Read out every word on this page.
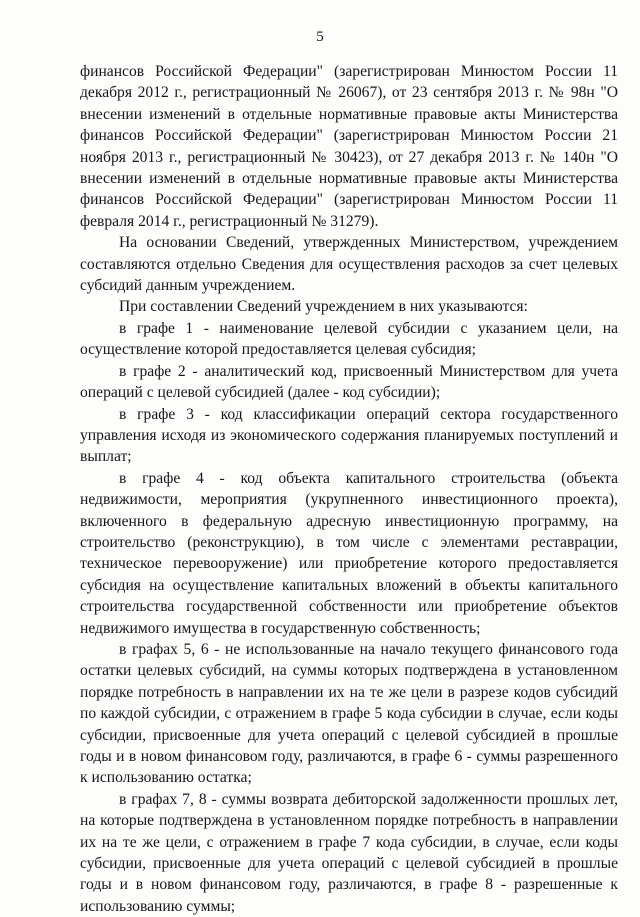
5

финансов Российской Федерации" (зарегистрирован Минюстом России 11 декабря 2012 г., регистрационный № 26067), от 23 сентября 2013 г. № 98н "О внесении изменений в отдельные нормативные правовые акты Министерства финансов Российской Федерации" (зарегистрирован Минюстом России 21 ноября 2013 г., регистрационный № 30423), от 27 декабря 2013 г. № 140н "О внесении изменений в отдельные нормативные правовые акты Министерства финансов Российской Федерации" (зарегистрирован Минюстом России 11 февраля 2014 г., регистрационный № 31279).

На основании Сведений, утвержденных Министерством, учреждением составляются отдельно Сведения для осуществления расходов за счет целевых субсидий данным учреждением.

При составлении Сведений учреждением в них указываются:

в графе 1 - наименование целевой субсидии с указанием цели, на осуществление которой предоставляется целевая субсидия;

в графе 2 - аналитический код, присвоенный Министерством для учета операций с целевой субсидией (далее - код субсидии);

в графе 3 - код классификации операций сектора государственного управления исходя из экономического содержания планируемых поступлений и выплат;

в графе 4 - код объекта капитального строительства (объекта недвижимости, мероприятия (укрупненного инвестиционного проекта), включенного в федеральную адресную инвестиционную программу, на строительство (реконструкцию), в том числе с элементами реставрации, техническое перевооружение) или приобретение которого предоставляется субсидия на осуществление капитальных вложений в объекты капитального строительства государственной собственности или приобретение объектов недвижимого имущества в государственную собственность;

в графах 5, 6 - не использованные на начало текущего финансового года остатки целевых субсидий, на суммы которых подтверждена в установленном порядке потребность в направлении их на те же цели в разрезе кодов субсидий по каждой субсидии, с отражением в графе 5 кода субсидии в случае, если коды субсидии, присвоенные для учета операций с целевой субсидией в прошлые годы и в новом финансовом году, различаются, в графе 6 - суммы разрешенного к использованию остатка;

в графах 7, 8 - суммы возврата дебиторской задолженности прошлых лет, на которые подтверждена в установленном порядке потребность в направлении их на те же цели, с отражением в графе 7 кода субсидии, в случае, если коды субсидии, присвоенные для учета операций с целевой субсидией в прошлые годы и в новом финансовом году, различаются, в графе 8 - разрешенные к использованию суммы;
